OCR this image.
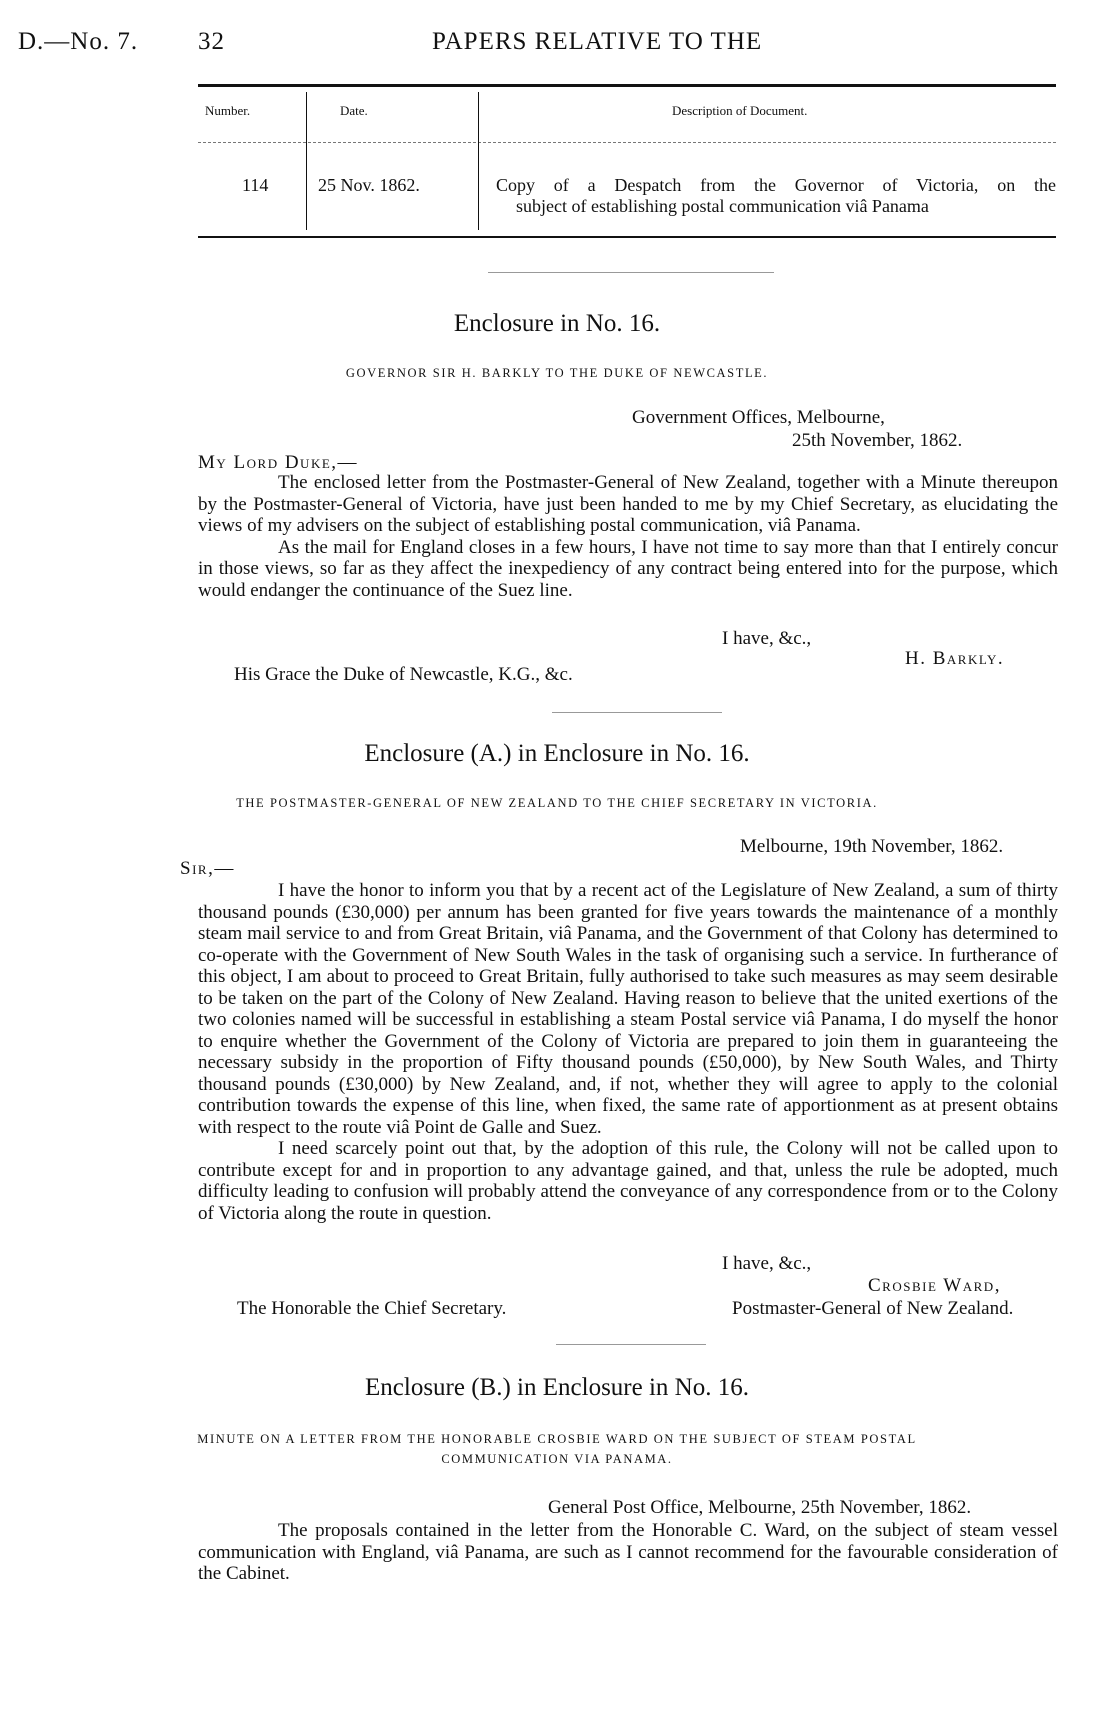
D.—No. 7. 32	PAPERS RELATIVE TO THE
Number.	Date.	Description of Document.
114	25 Nov. 1862.	Copy of a Despatch from the Governor of Victoria, on the
subject of establishing postal communication viâ Panama
Enclosure in No. 16.
GOVERNOR SIR H. BARKLY TO THE DUKE OF NEWCASTLE.
Government Offices, Melbourne,
25th November, 1862.
My Lord Duke,—

The enclosed letter from the Postmaster-General of New Zealand, together with a Minute thereupon by the Postmaster-General of Victoria, have just been handed to me by my Chief Secretary, as elucidating the views of my advisers on the subject of establishing postal communication, viâ Panama.

As the mail for England closes in a few hours, I have not time to say more than that I entirely concur in those views, so far as they affect the inexpediency of any contract being entered into for the purpose, which would endanger the continuance of the Suez line.

I have, &c.,
H. Barkly.
His Grace the Duke of Newcastle, K.G., &c.
Enclosure (A.) in Enclosure in No. 16.
THE POSTMASTER-GENERAL OF NEW ZEALAND TO THE CHIEF SECRETARY IN VICTORIA.
Melbourne, 19th November, 1862.
Sir,—

I have the honor to inform you that by a recent act of the Legislature of New Zealand, a sum of thirty thousand pounds (£30,000) per annum has been granted for five years towards the maintenance of a monthly steam mail service to and from Great Britain, viâ Panama, and the Government of that Colony has determined to co-operate with the Government of New South Wales in the task of organising such a service. In furtherance of this object, I am about to proceed to Great Britain, fully authorised to take such measures as may seem desirable to be taken on the part of the Colony of New Zealand. Having reason to believe that the united exertions of the two colonies named will be successful in establishing a steam Postal service viâ Panama, I do myself the honor to enquire whether the Government of the Colony of Victoria are prepared to join them in guaranteeing the necessary subsidy in the proportion of Fifty thousand pounds (£50,000), by New South Wales, and Thirty thousand pounds (£30,000) by New Zealand, and, if not, whether they will agree to apply to the colonial contribution towards the expense of this line, when fixed, the same rate of apportionment as at present obtains with respect to the route viâ Point de Galle and Suez.

I need scarcely point out that, by the adoption of this rule, the Colony will not be called upon to contribute except for and in proportion to any advantage gained, and that, unless the rule be adopted, much difficulty leading to confusion will probably attend the conveyance of any correspondence from or to the Colony of Victoria along the route in question.

I have, &c.,
Crosbie Ward,
The Honorable the Chief Secretary.	Postmaster-General of New Zealand.
Enclosure (B.) in Enclosure in No. 16.
MINUTE ON A LETTER FROM THE HONORABLE CROSBIE WARD ON THE SUBJECT OF STEAM POSTAL
COMMUNICATION VIA PANAMA.
General Post Office, Melbourne, 25th November, 1862.

The proposals contained in the letter from the Honorable C. Ward, on the subject of steam vessel communication with England, viâ Panama, are such as I cannot recommend for the favourable consideration of the Cabinet.
